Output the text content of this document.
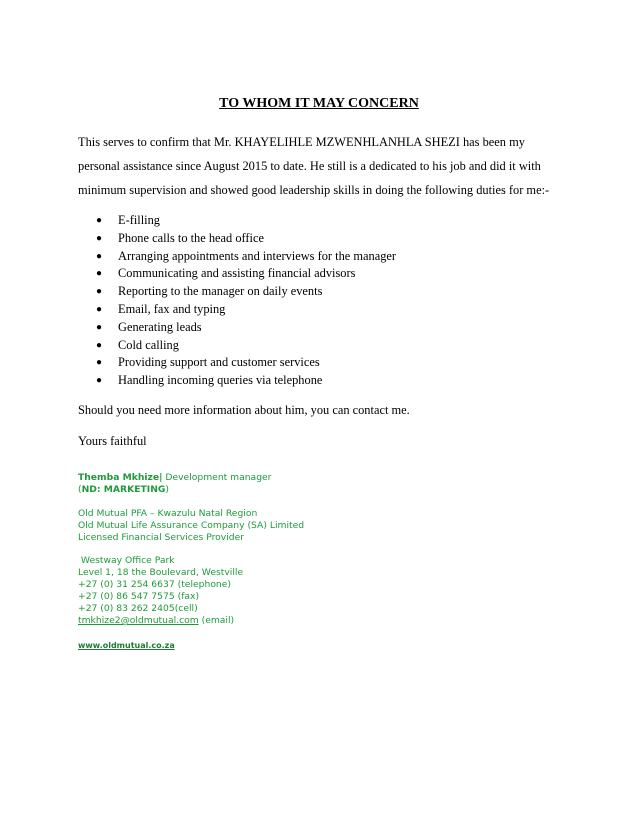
TO WHOM IT MAY CONCERN
This serves to confirm that Mr. KHAYELIHLE MZWENHLANHLA SHEZI has been my
personal assistance since August 2015 to date. He still is a dedicated to his job and did it with
minimum supervision and showed good leadership skills in doing the following duties for me:-
● E-filling
● Phone calls to the head office
● Arranging appointments and interviews for the manager
● Communicating and assisting financial advisors
● Reporting to the manager on daily events
● Email, fax and typing
● Generating leads
● Cold calling
● Providing support and customer services
● Handling incoming queries via telephone
Should you need more information about him, you can contact me.
Yours faithful
Themba Mkhize| Development manager
(ND: MARKETING)
Old Mutual PFA – Kwazulu Natal Region
Old Mutual Life Assurance Company (SA) Limited
Licensed Financial Services Provider
Westway Office Park
Level 1, 18 the Boulevard, Westville
+27 (0) 31 254 6637 (telephone)
+27 (0) 86 547 7575 (fax)
+27 (0) 83 262 2405(cell)
tmkhize2@oldmutual.com (email)
www.oldmutual.co.za
